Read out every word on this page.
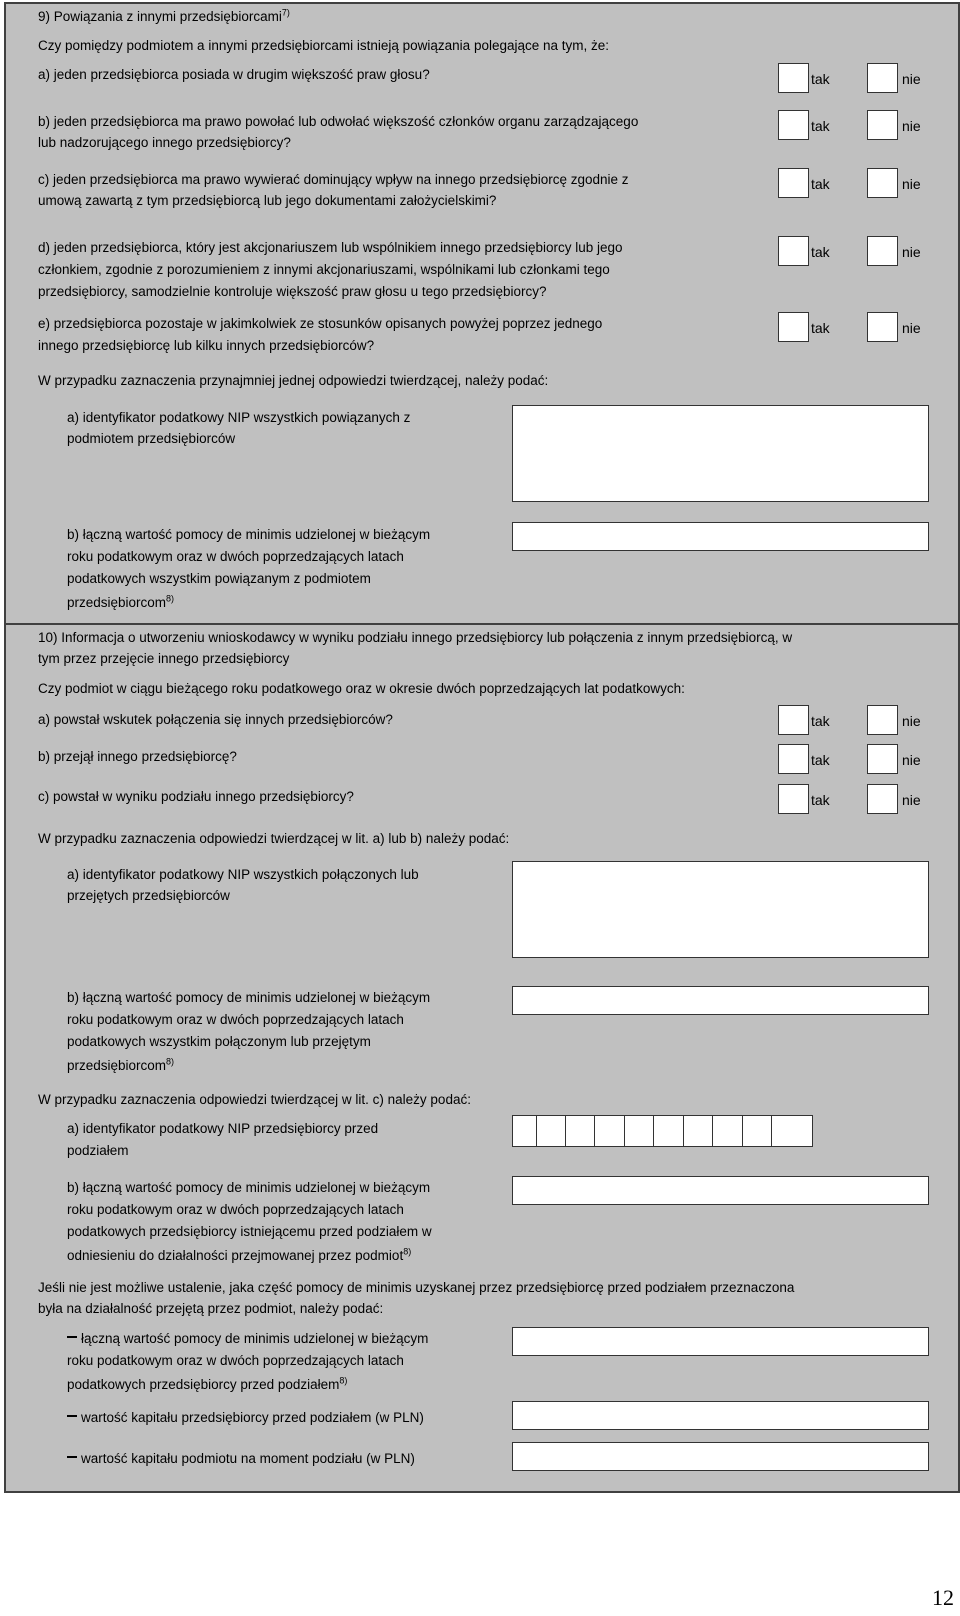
9) Powiązania z innymi przedsiębiorcami$^{7)}$
Czy pomiędzy podmiotem a innymi przedsiębiorcami istnieją powiązania polegające na tym, że:
a) jeden przedsiębiorca posiada w drugim większość praw głosu?	tak	nie
b) jeden przedsiębiorca ma prawo powołać lub odwołać większość członków organu zarządzającego
lub nadzorującego innego przedsiębiorcy?
tak	nie
c) jeden przedsiębiorca ma prawo wywierać dominujący wpływ na innego przedsiębiorcę zgodnie z
umową zawartą z tym przedsiębiorcą lub jego dokumentami założycielskimi?
tak	nie
d) jeden przedsiębiorca, który jest akcjonariuszem lub wspólnikiem innego przedsiębiorcy lub jego
członkiem, zgodnie z porozumieniem z innymi akcjonariuszami, wspólnikami lub członkami tego
przedsiębiorcy, samodzielnie kontroluje większość praw głosu u tego przedsiębiorcy?
tak	nie
e) przedsiębiorca pozostaje w jakimkolwiek ze stosunków opisanych powyżej poprzez jednego
innego przedsiębiorcę lub kilku innych przedsiębiorców?
tak	nie
W przypadku zaznaczenia przynajmniej jednej odpowiedzi twierdzącej, należy podać:
a) identyfikator podatkowy NIP wszystkich powiązanych z
podmiotem przedsiębiorców
b) łączną wartość pomocy de minimis udzielonej w bieżącym
roku podatkowym oraz w dwóch poprzedzających latach
podatkowych wszystkim powiązanym z podmiotem
przedsiębiorcom$^{8)}$
10) Informacja o utworzeniu wnioskodawcy w wyniku podziału innego przedsiębiorcy lub połączenia z innym przedsiębiorcą, w
tym przez przejęcie innego przedsiębiorcy
Czy podmiot w ciągu bieżącego roku podatkowego oraz w okresie dwóch poprzedzających lat podatkowych:
a) powstał wskutek połączenia się innych przedsiębiorców?	tak	nie
b) przejął innego przedsiębiorcę?	tak	nie
c) powstał w wyniku podziału innego przedsiębiorcy?	tak	nie
W przypadku zaznaczenia odpowiedzi twierdzącej w lit. a) lub b) należy podać:
a) identyfikator podatkowy NIP wszystkich połączonych lub
przejętych przedsiębiorców
b) łączną wartość pomocy de minimis udzielonej w bieżącym
roku podatkowym oraz w dwóch poprzedzających latach
podatkowych wszystkim połączonym lub przejętym
przedsiębiorcom$^{8)}$
W przypadku zaznaczenia odpowiedzi twierdzącej w lit. c) należy podać:
a) identyfikator podatkowy NIP przedsiębiorcy przed
podziałem
b) łączną wartość pomocy de minimis udzielonej w bieżącym
roku podatkowym oraz w dwóch poprzedzających latach
podatkowych przedsiębiorcy istniejącemu przed podziałem w
odniesieniu do działalności przejmowanej przez podmiot$^{8)}$
Jeśli nie jest możliwe ustalenie, jaka część pomocy de minimis uzyskanej przez przedsiębiorcę przed podziałem przeznaczona
była na działalność przejętą przez podmiot, należy podać:
łączną wartość pomocy de minimis udzielonej w bieżącym
roku podatkowym oraz w dwóch poprzedzających latach
podatkowych przedsiębiorcy przed podziałem$^{8)}$
wartość kapitału przedsiębiorcy przed podziałem (w PLN)
wartość kapitału podmiotu na moment podziału (w PLN)
12
